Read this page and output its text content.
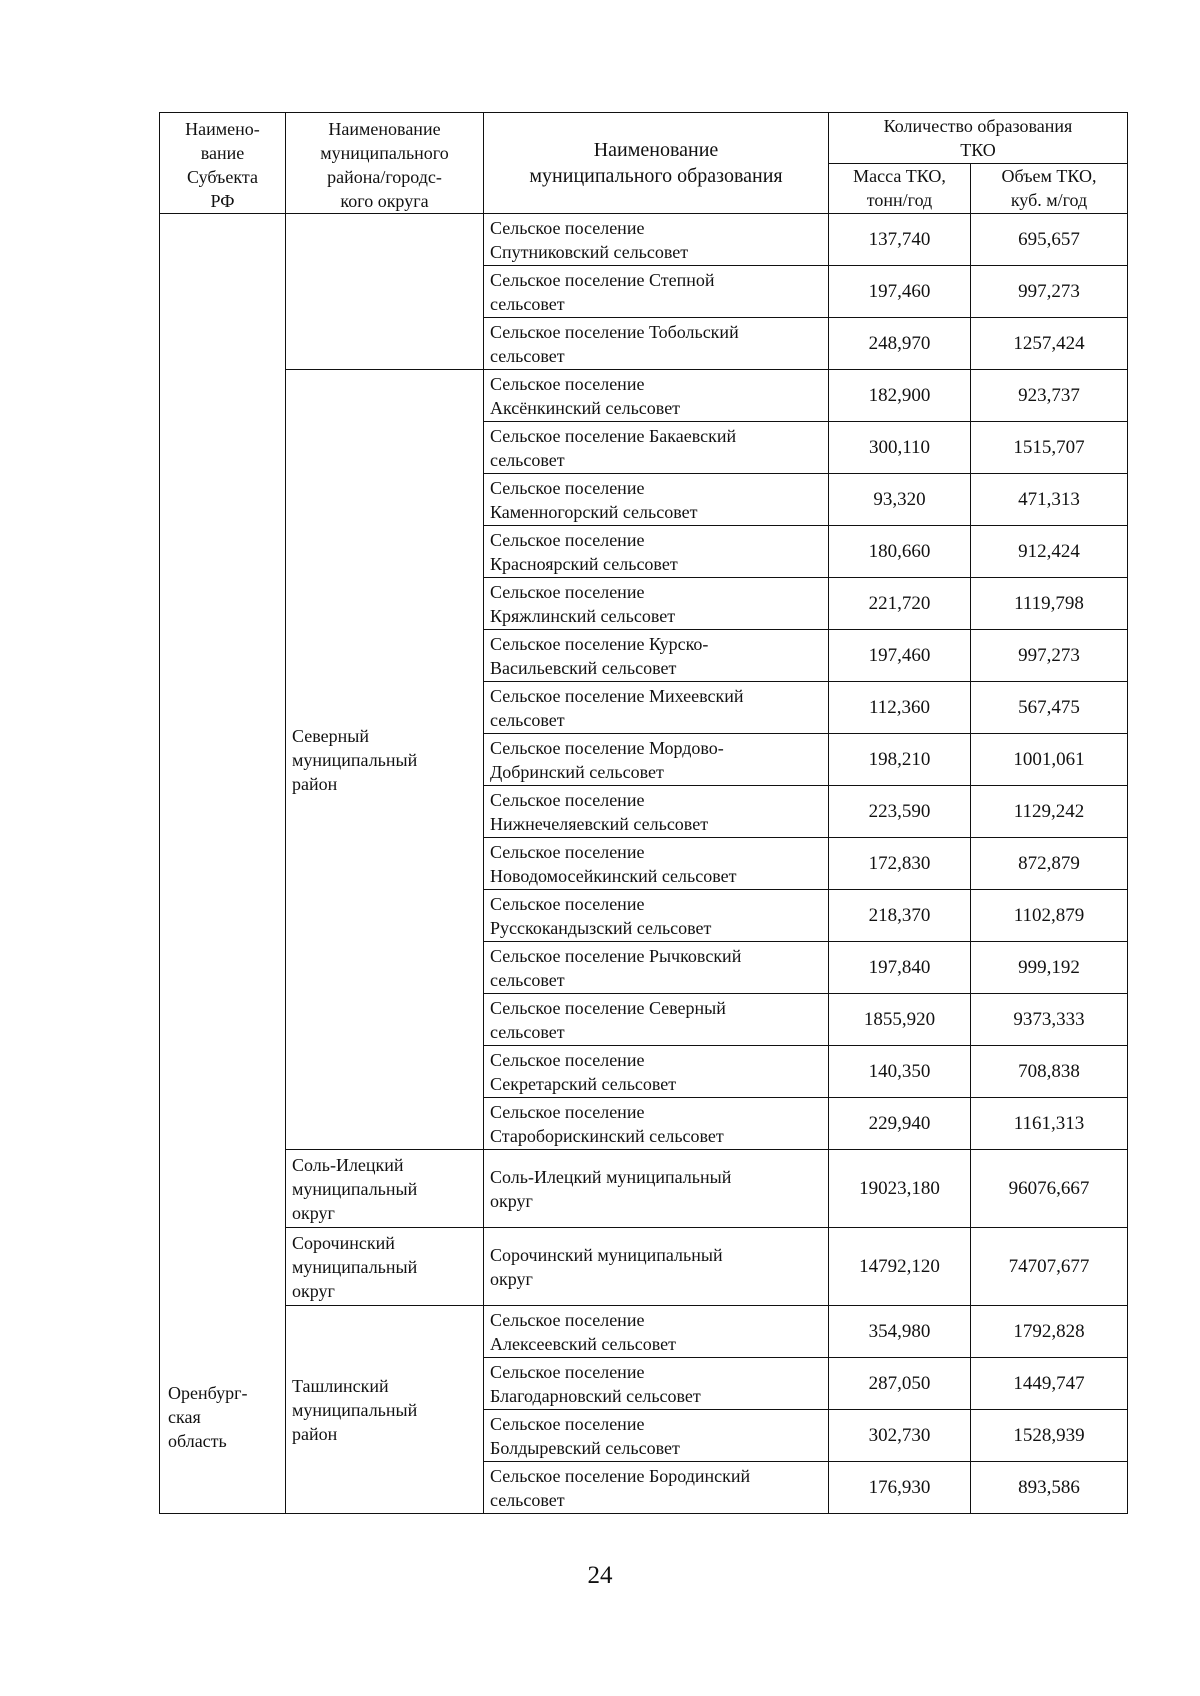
Наимено-
вание
Субъекта
РФ	Наименование
муниципального
района/городс-
кого округа	Наименование
муниципального образования	Количество образования
ТКО	
			Масса ТКО,
тонн/год	Объем ТКО,
куб. м/год
Оренбург-
ская
область		Сельское поселение
Спутниковский сельсовет	137,740	695,657
		Сельское поселение Степной
сельсовет	197,460	997,273
		Сельское поселение Тобольский
сельсовет	248,970	1257,424
	Северный
муниципальный
район	Сельское поселение
Аксёнкинский сельсовет	182,900	923,737
		Сельское поселение Бакаевский
сельсовет	300,110	1515,707
		Сельское поселение
Каменногорский сельсовет	93,320	471,313
		Сельское поселение
Красноярский сельсовет	180,660	912,424
		Сельское поселение
Кряжлинский сельсовет	221,720	1119,798
		Сельское поселение Курско-
Васильевский сельсовет	197,460	997,273
		Сельское поселение Михеевский
сельсовет	112,360	567,475
		Сельское поселение Мордово-
Добринский сельсовет	198,210	1001,061
		Сельское поселение
Нижнечеляевский сельсовет	223,590	1129,242
		Сельское поселение
Новодомосейкинский сельсовет	172,830	872,879
		Сельское поселение
Русскокандызский сельсовет	218,370	1102,879
		Сельское поселение Рычковский
сельсовет	197,840	999,192
		Сельское поселение Северный
сельсовет	1855,920	9373,333
		Сельское поселение
Секретарский сельсовет	140,350	708,838
		Сельское поселение
Староборискинский сельсовет	229,940	1161,313
	Соль-Илецкий
муниципальный
округ	Соль-Илецкий муниципальный
округ	19023,180	96076,667
	Сорочинский
муниципальный
округ	Сорочинский муниципальный
округ	14792,120	74707,677
	Ташлинский
муниципальный
район	Сельское поселение
Алексеевский сельсовет	354,980	1792,828
		Сельское поселение
Благодарновский сельсовет	287,050	1449,747
		Сельское поселение
Болдыревский сельсовет	302,730	1528,939
		Сельское поселение Бородинский
сельсовет	176,930	893,586
24
